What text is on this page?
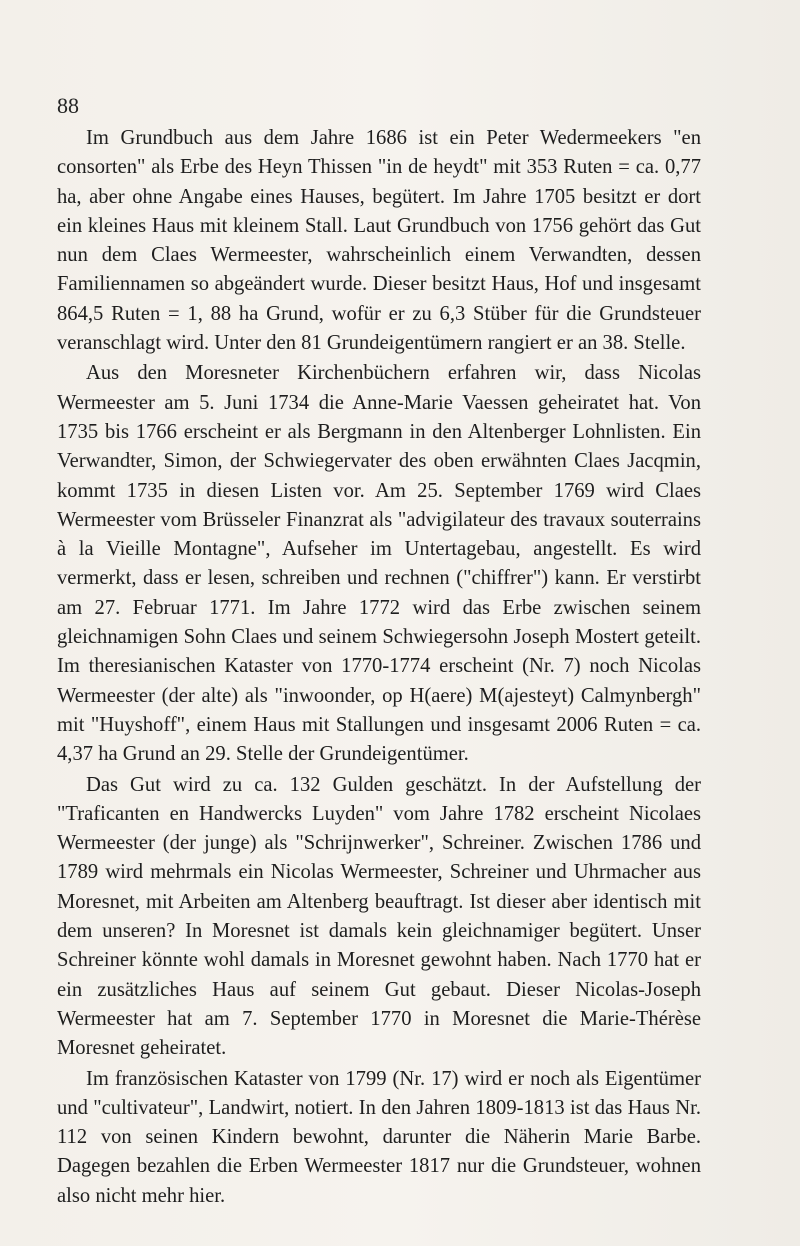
88

Im Grundbuch aus dem Jahre 1686 ist ein Peter Wedermeekers "en consorten" als Erbe des Heyn Thissen "in de heydt" mit 353 Ruten = ca. 0,77 ha, aber ohne Angabe eines Hauses, begütert. Im Jahre 1705 besitzt er dort ein kleines Haus mit kleinem Stall. Laut Grundbuch von 1756 gehört das Gut nun dem Claes Wermeester, wahrscheinlich einem Verwandten, dessen Familiennamen so abgeändert wurde. Dieser besitzt Haus, Hof und insgesamt 864,5 Ruten = 1, 88 ha Grund, wofür er zu 6,3 Stüber für die Grundsteuer veranschlagt wird. Unter den 81 Grundeigentümern rangiert er an 38. Stelle.

Aus den Moresneter Kirchenbüchern erfahren wir, dass Nicolas Wermeester am 5. Juni 1734 die Anne-Marie Vaessen geheiratet hat. Von 1735 bis 1766 erscheint er als Bergmann in den Altenberger Lohnlisten. Ein Verwandter, Simon, der Schwiegervater des oben erwähnten Claes Jacqmin, kommt 1735 in diesen Listen vor. Am 25. September 1769 wird Claes Wermeester vom Brüsseler Finanzrat als "advigilateur des travaux souterrains à la Vieille Montagne", Aufseher im Untertagebau, angestellt. Es wird vermerkt, dass er lesen, schreiben und rechnen ("chiffrer") kann. Er verstirbt am 27. Februar 1771. Im Jahre 1772 wird das Erbe zwischen seinem gleichnamigen Sohn Claes und seinem Schwiegersohn Joseph Mostert geteilt. Im theresianischen Kataster von 1770-1774 erscheint (Nr. 7) noch Nicolas Wermeester (der alte) als "inwoonder, op H(aere) M(ajesteyt) Calmynbergh" mit "Huyshoff", einem Haus mit Stallungen und insgesamt 2006 Ruten = ca. 4,37 ha Grund an 29. Stelle der Grundeigentümer.

Das Gut wird zu ca. 132 Gulden geschätzt. In der Aufstellung der "Traficanten en Handwercks Luyden" vom Jahre 1782 erscheint Nicolaes Wermeester (der junge) als "Schrijnwerker", Schreiner. Zwischen 1786 und 1789 wird mehrmals ein Nicolas Wermeester, Schreiner und Uhrmacher aus Moresnet, mit Arbeiten am Altenberg beauftragt. Ist dieser aber identisch mit dem unseren? In Moresnet ist damals kein gleichnamiger begütert. Unser Schreiner könnte wohl damals in Moresnet gewohnt haben. Nach 1770 hat er ein zusätzliches Haus auf seinem Gut gebaut. Dieser Nicolas-Joseph Wermeester hat am 7. September 1770 in Moresnet die Marie-Thérèse Moresnet geheiratet.

Im französischen Kataster von 1799 (Nr. 17) wird er noch als Eigentümer und "cultivateur", Landwirt, notiert. In den Jahren 1809-1813 ist das Haus Nr. 112 von seinen Kindern bewohnt, darunter die Näherin Marie Barbe. Dagegen bezahlen die Erben Wermeester 1817 nur die Grundsteuer, wohnen also nicht mehr hier.
